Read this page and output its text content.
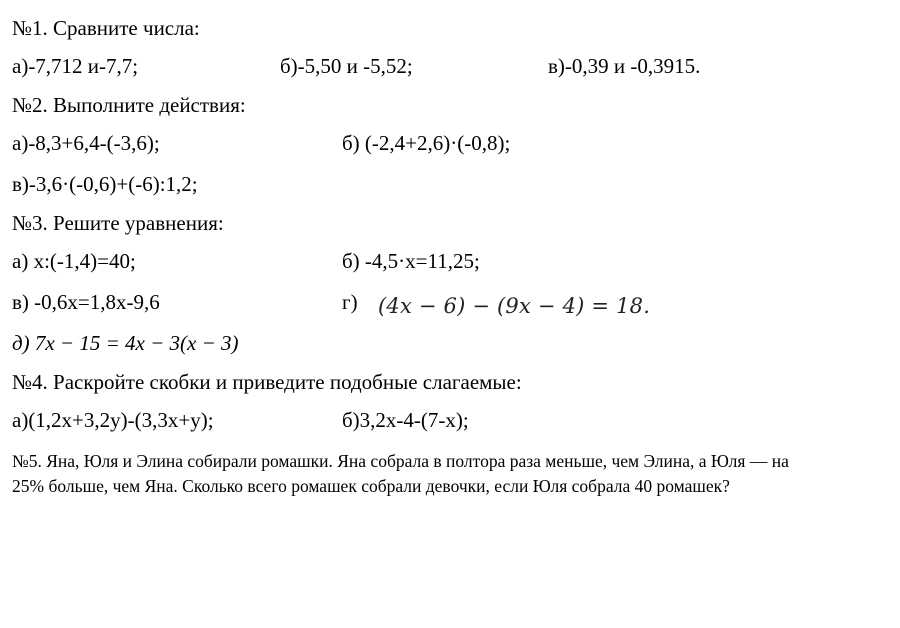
№1. Сравните числа:
а)-7,712 и-7,7;	б)-5,50 и -5,52;	в)-0,39 и -0,3915.
№2. Выполните действия:
а)-8,3+6,4-(-3,6);	б) (-2,4+2,6)·(-0,8);
в)-3,6·(-0,6)+(-6):1,2;
№3. Решите уравнения:
а) x:(-1,4)=40;	б) -4,5·x=11,25;
в) -0,6x=1,8x-9,6	г) (4x − 6) − (9x − 4) = 18.
д) 7x − 15 = 4x − 3(x − 3)
№4. Раскройте скобки и приведите подобные слагаемые:
а)(1,2x+3,2y)-(3,3x+y);	б)3,2x-4-(7-x);
№5. Яна, Юля и Элина собирали ромашки. Яна собрала в полтора раза меньше, чем Элина, а Юля — на 25% больше, чем Яна. Сколько всего ромашек собрали девочки, если Юля собрала 40 ромашек?
